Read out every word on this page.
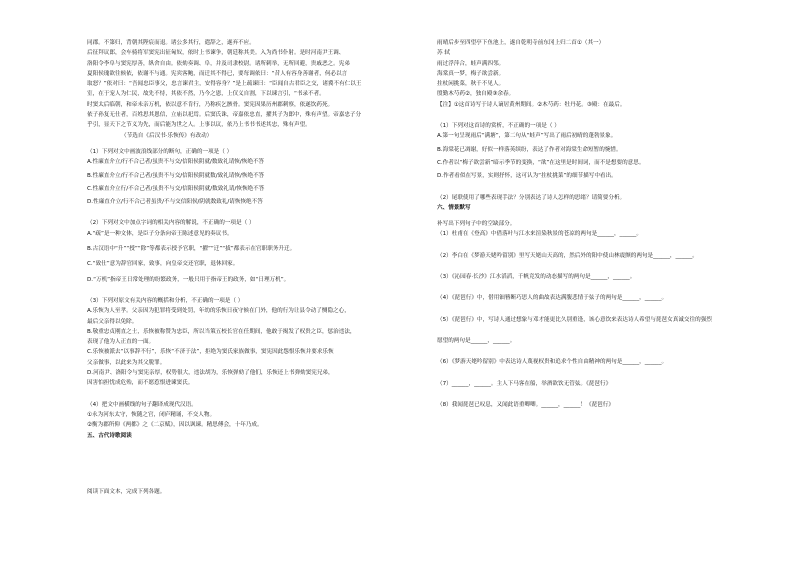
同郡。不第归，背朝其陛宸而退。诸公多其行，遣辞之，遂弃不应。
后征拜议郎，会车骑将军窦宪出征匈奴，依时上书谏争，朝廷称其美。入为尚书仆射。是时河南尹王调、
洛阳令李阜与窦宪厚善，纵舍自由。依劾奏调、阜，并及司隶校尉。诸所刺举，无所回避，贵戚恶之。宪弟
夏阳侯瑰欲往候依，依谢不与通。宪宾客鲍，而迁其不得已，要每调依曰：“昔人有容身善谢者，何必以言
取怒？”依对曰：“吾闻忠臣事父，忠言谏君主，安得容身？”是上疏谏曰：“臣闻自古君臣之交，诸冀不有仁以王
室，在于宠人为仁民，故先不恃，其依不然，乃今之恩，上仅义自割，下以谏言引，“书录不者。
时窦太后临朝，和帝未亲万机，依以意不肯行，乃称疾乞骸骨。窦宪因果历州郡刺察，依遂饮药死。
依子孙复无仕者，百姓思其恩信，立庙以祀焉。后窦氏诛，帝嘉依忠直，擢其子为郎中，殊有声望。帝嘉忠子分
乎引，显天下之节义为先，而后能为世之人。上事以议，依乃上书书书述其忠，殊有声望。
（节选自《后汉书·乐恢传》有改动）
（1）下列对文中画波浪线部分的断句，正确的一项是（ ）
A.性廉直介立/行不合己者/虽贵不与交/信阳侯阴就/数致礼请恢/恢绝不答
B.性廉直介立/行不合己者/虽贵不与交/信阳侯阴就数/致礼请恢/恢绝不答
C.性廉直介立行/不合己者/虽贵不与交/信阳侯阴就/数致礼请/恢恢绝不答
D.性廉直介立/行不合己者虽贵/不与交信阳侯/阴就数致礼/请恢恢绝不答
（2）下列对文中加点字词的相关内容的解说，不正确的一项是（ ）
A.“疏”是一种文体，是臣子分条向帝王陈述意见的奏议书。
B.古汉语中“升”“授”“除”等都表示授予官职，“擢”“迁”“拔”都表示在官职职务升迁。
C.“致仕”意为辞官回家，致事，向皇帝交还官职，退休回家。
D.“万机”指帝王日常处理的纷繁政务，一般只用于指帝王的政务，如“日理万机”。
（3）下列对原文有关内容的概括和分析，不正确的一项是（ ）
A.乐恢为人至孝。父亲因为犯罪将受到处罚，年幼的乐恢日夜守候在门外，他的行为让县令动了恻隐之心，
最后父亲得以免除。
B.敬重忠贞刚直之士，乐恢被称赞为忠臣，所以当策五校长官在任期间，他敢于揭发了权贵之臣，惩治违法，
表现了他为人正直的一面。
C.乐恢被派去“以事辞不行”，乐恢“不济于法”，拒绝为窦氏家族做事，窦宪因此怨恨乐恢并要求乐恢
父亲做事，以此来为其父脱罪。
D.河南尹、洛阳令与窦宪亲厚，权势很大，违法胡为，乐恢弹劾了他们，乐恢还上书弹劾窦宪兄弟，
因害怕担忧成危殆，而不愿惹恨进谏窦氏。
（4）把文中画横线的句子翻译成现代汉语。
①永为河东太守，恢随之官，闭庐精诵，不交人物。
②衡为郡所仰《两都》之《二京赋》，因以讽谏。精思傅会，十年乃成。
五、古代诗歌阅读
阅读下面文本，完成下列各题。
雨晴后步至四望亭下鱼池上，遂自乾明寺前东冈上归二首①（其一）
苏 轼
雨过浮萍合，蛙声满四邻。
海棠真一梦，梅子欲尝新。
拄杖闲挑菜，秋千不见人。
殷勤木芍药②，独自殿③余春。
【注】①这首诗写于诗人谪居黄州期间。②木芍药：牡丹花。③殿：在最后。
（1）下列对这首诗的赏析，不正确的一项是（ ）
A.第一句呈现雨后“满塘”，第二句从“蛙声”写出了雨后初晴的蓬勃景象。
B.海棠花已凋谢，好似一样落英缤纷，表达了作者对海棠生命短暂的惋惜。
C.作者以“梅子欲尝新”暗示季节的变换，“欲”在这里是时间词，而不是想要的意思。
D.作者看似在写景，实则抒怀，这可认为“拄杖挑菜”的细节描写中看出。
（2）尾联使用了哪些表现手法？分别表达了诗人怎样的思绪？请简要分析。
六、情景默写
补写出下列句子中的空缺部分。
（1）杜甫在《登高》中借落叶与江水来渲染秋景的苍凉的两句是______，______。
（2）李白在《梦游天姥吟留别》里写天姥山天高的，然后外的阳中使山林震颤的两句是______，______。
（3）《沁园春·长沙》江水滔滔，千帆竞发的动态描写的两句是______，______。
（4）《琵琶行》中，借用钿簪断巧思人的曲故表达满腹悲情于弦子的两句是______，______。
（5）《琵琶行》中，写诗人通过想象与邓才能更比久别重逢，该心意饮来表达诗人希望与琵琶女真诚交往的强烈
愿望的两句是______，______。
（6）《梦游天姥吟留别》中表达诗人蔑视权贵和追求个性自由精神的两句是______，______。
（7）______，______。主人下马客在船，举酒欲饮无管弦。《琵琶行》
（8）我闻琵琶已叹息，又闻此语重唧唧。______，______！《琵琶行》
